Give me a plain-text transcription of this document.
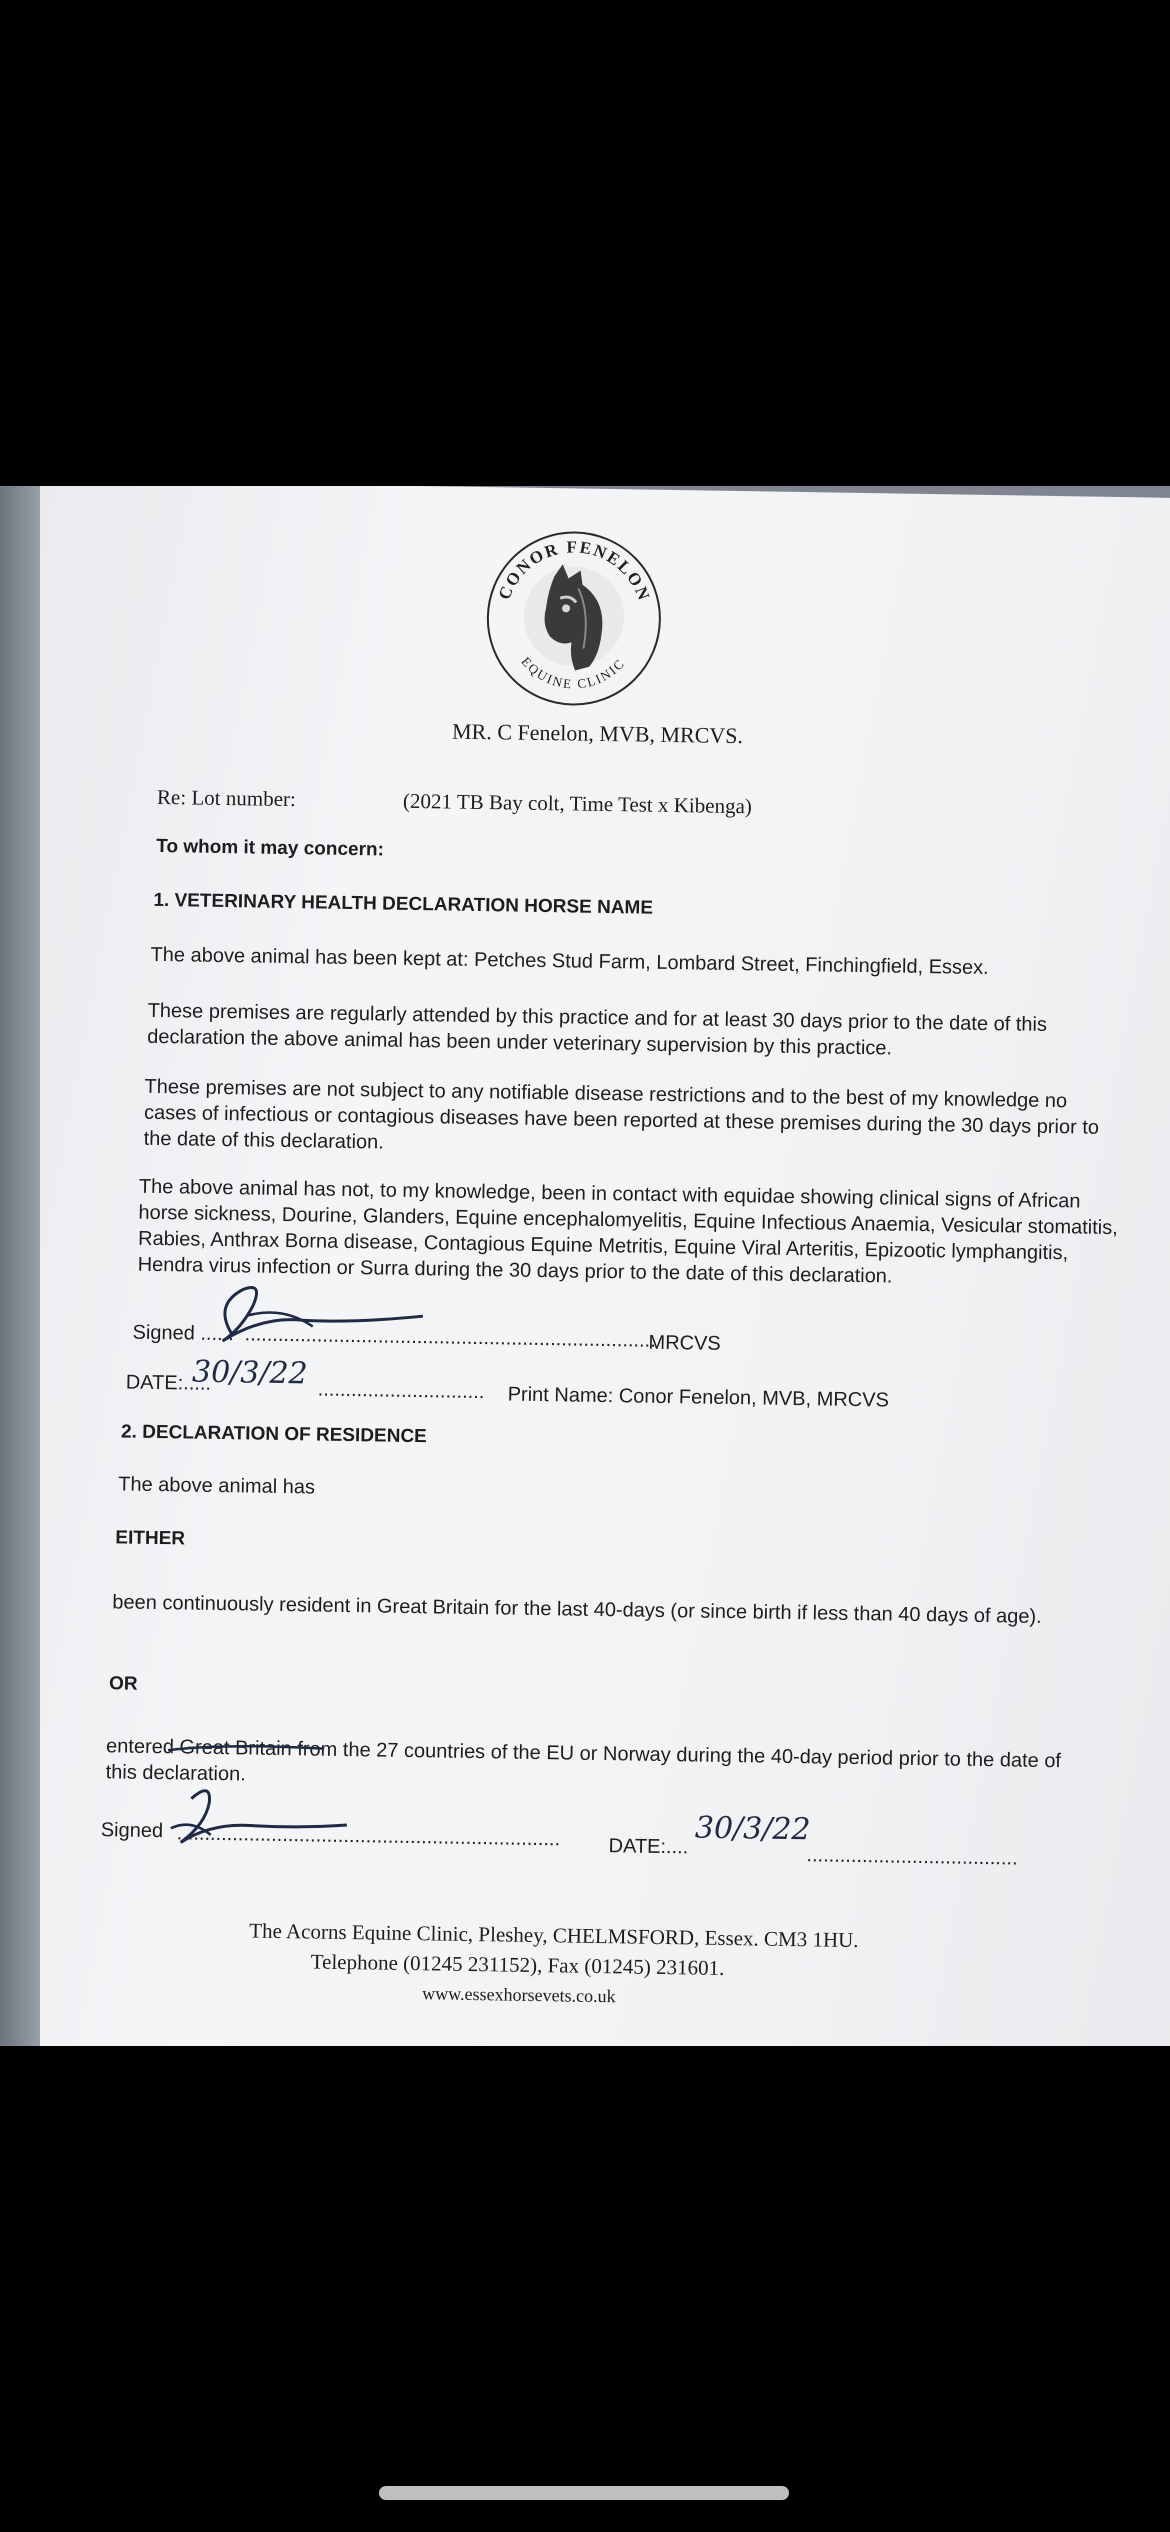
CONOR FENELON
EQUINE CLINIC
MR. C Fenelon, MVB, MRCVS.
Re: Lot number:	(2021 TB Bay colt, Time Test x Kibenga)
To whom it may concern:
1. VETERINARY HEALTH DECLARATION HORSE NAME
The above animal has been kept at: Petches Stud Farm, Lombard Street, Finchingfield, Essex.
These premises are regularly attended by this practice and for at least 30 days prior to the date of this declaration the above animal has been under veterinary supervision by this practice.
These premises are not subject to any notifiable disease restrictions and to the best of my knowledge no cases of infectious or contagious diseases have been reported at these premises during the 30 days prior to the date of this declaration.
The above animal has not, to my knowledge, been in contact with equidae showing clinical signs of African horse sickness, Dourine, Glanders, Equine encephalomyelitis, Equine Infectious Anaemia, Vesicular stomatitis, Rabies, Anthrax Borna disease, Contagious Equine Metritis, Equine Viral Arteritis, Epizootic lymphangitis, Hendra virus infection or Surra during the 30 days prior to the date of this declaration.
Signed ...... ..........................................................................
MRCVS
DATE:.....
30/3/22 .............................. Print Name: Conor Fenelon, MVB, MRCVS
2. DECLARATION OF RESIDENCE
The above animal has
EITHER
been continuously resident in Great Britain for the last 40-days (or since birth if less than 40 days of age).
OR
entered Great Britain from the 27 countries of the EU or Norway during the 40-day period prior to the date of this declaration.
Signed ..................................................................... DATE:.... 30/3/22
......................................
The Acorns Equine Clinic, Pleshey, CHELMSFORD, Essex. CM3 1HU.
Telephone (01245 231152), Fax (01245) 231601.
www.essexhorsevets.co.uk
